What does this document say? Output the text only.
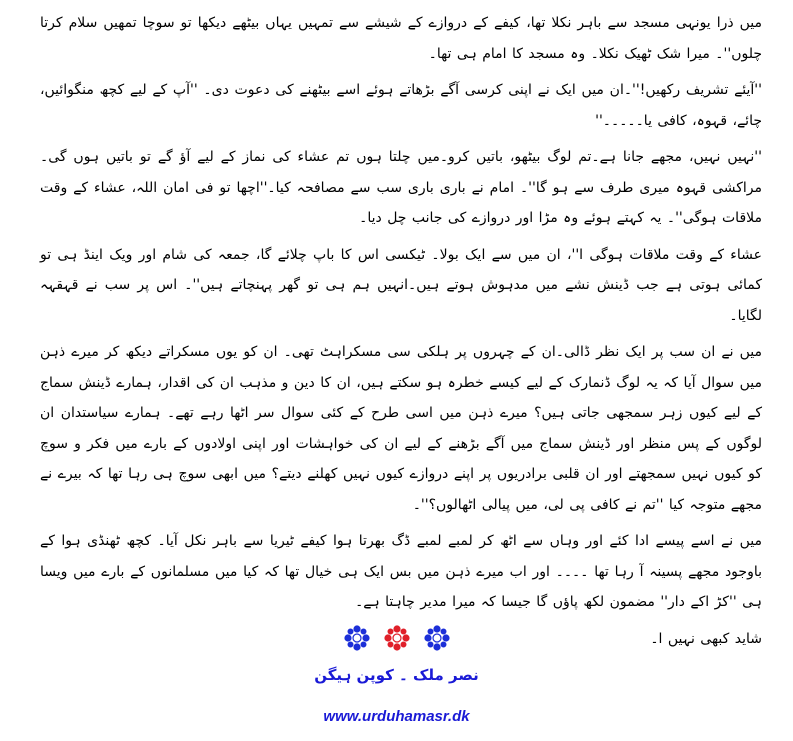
میں ذرا یونہی مسجد سے باہر نکلا تھا، کیفے کے دروازے کے شیشے سے تمہیں یہاں بیٹھے دیکھا تو سوچا تمھیں سلام کرتا چلوں''۔ میرا شک ٹھیک نکلا۔ وہ مسجد کا امام ہی تھا۔

''آیئے تشریف رکھیں!''۔ان میں ایک نے اپنی کرسی آگے بڑھاتے ہوئے اسے بیٹھنے کی دعوت دی۔ ''آپ کے لیے کچھ منگوائیں، چائے، قہوہ، کافی یا۔۔۔۔۔''

''نہیں نہیں، مجھے جانا ہے۔تم لوگ بیٹھو، باتیں کرو۔میں چلتا ہوں تم عشاء کی نماز کے لیے آؤ گے تو باتیں ہوں گی۔مراکشی قہوہ میری طرف سے ہو گا''۔ امام نے باری باری سب سے مصافحہ کیا۔''اچھا تو فی امان اللہ، عشاء کے وقت ملاقات ہوگی''۔ یہ کہتے ہوئے وہ مڑا اور دروازے کی جانب چل دیا۔

عشاء کے وقت ملاقات ہوگی ا''، ان میں سے ایک بولا۔ ٹیکسی اس کا باپ چلائے گا، جمعہ کی شام اور ویک اینڈ ہی تو کمائی ہوتی ہے جب ڈینش نشے میں مدہوش ہوتے ہیں۔انہیں ہم ہی تو گھر پہنچاتے ہیں''۔ اس پر سب نے قہقہہ لگایا۔

میں نے ان سب پر ایک نظر ڈالی۔ان کے چہروں پر ہلکی سی مسکراہٹ تھی۔ ان کو یوں مسکراتے دیکھ کر میرے ذہن میں سوال آیا کہ یہ لوگ ڈنمارک کے لیے کیسے خطرہ ہو سکتے ہیں، ان کا دین و مذہب ان کی اقدار، ہمارے ڈینش سماج کے لیے کیوں زہر سمجھی جاتی ہیں؟ میرے ذہن میں اسی طرح کے کئی سوال سر اٹھا رہے تھے۔ ہمارے سیاستدان ان لوگوں کے پس منظر اور ڈینش سماج میں آگے بڑھنے کے لیے ان کی خواہشات اور اپنی اولادوں کے بارے میں فکر و سوچ کو کیوں نہیں سمجھتے اور ان قلبی برادریوں پر اپنے دروازے کیوں نہیں کھلنے دیتے؟ میں ابھی سوچ ہی رہا تھا کہ بیرے نے مجھے متوجہ کیا ''تم نے کافی پی لی، میں پیالی اٹھالوں؟''۔

میں نے اسے پیسے ادا کئے اور وہاں سے اٹھ کر لمبے لمبے ڈگ بھرتا ہوا کیفے ٹیریا سے باہر نکل آیا۔ کچھ ٹھنڈی ہوا کے باوجود مجھے پسینہ آ رہا تھا ۔۔۔۔ اور اب میرے ذہن میں بس ایک ہی خیال تھا کہ کیا میں مسلمانوں کے بارے میں ویسا ہی ''کڑ اکے دار'' مضمون لکھ پاؤں گا جیسا کہ میرا مدیر چاہتا ہے۔

شاید کبھی نہیں ا۔

نصر ملک ۔ کوپن ہیگن
www.urduhamasr.dk
